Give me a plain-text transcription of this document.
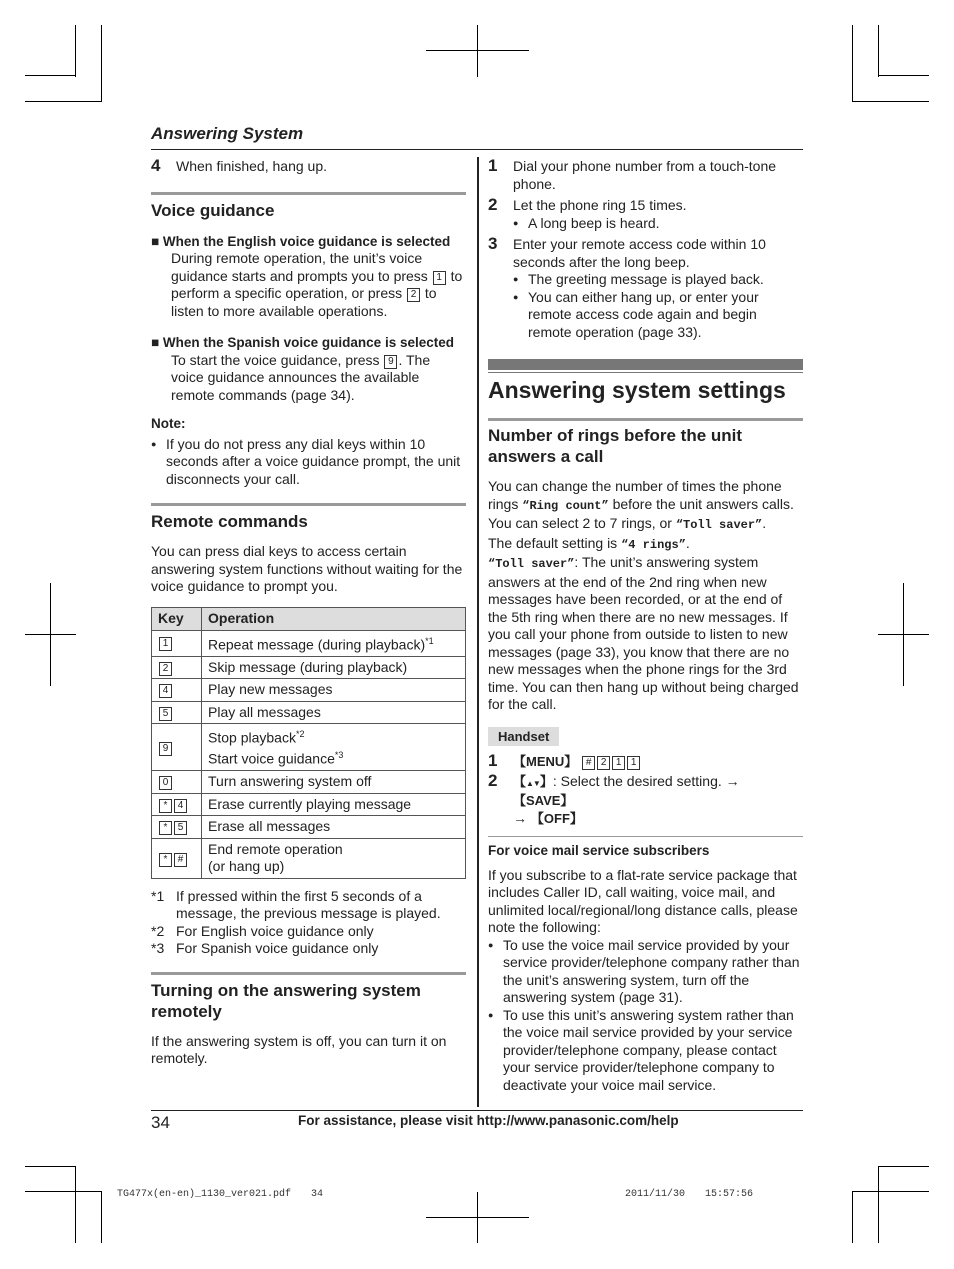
Answering System
4 When finished, hang up.
Voice guidance
■ When the English voice guidance is selected
During remote operation, the unit’s voice guidance starts and prompts you to press 1 to perform a specific operation, or press 2 to listen to more available operations.
■ When the Spanish voice guidance is selected
To start the voice guidance, press 9 . The voice guidance announces the available remote commands (page 34).
Note:
● If you do not press any dial keys within 10 seconds after a voice guidance prompt, the unit disconnects your call.
Remote commands
You can press dial keys to access certain answering system functions without waiting for the voice guidance to prompt you.
Key	Operation
1	Repeat message (during playback)$^{*1}$
2	Skip message (during playback)
4	Play new messages
5	Play all messages
9	Stop playback$^{*2}$
Start voice guidance$^{*3}$
0	Turn answering system off
* 4	Erase currently playing message
* 5	Erase all messages
* #	End remote operation
(or hang up)
*1 If pressed within the first 5 seconds of a message, the previous message is played.
*2 For English voice guidance only
*3 For Spanish voice guidance only
Turning on the answering system remotely
If the answering system is off, you can turn it on remotely.
1 Dial your phone number from a touch-tone phone.
2 Let the phone ring 15 times.
● A long beep is heard.
3 Enter your remote access code within 10 seconds after the long beep.
● The greeting message is played back.
● You can either hang up, or enter your remote access code again and begin remote operation (page 33).
Answering system settings
Number of rings before the unit answers a call
You can change the number of times the phone rings “Ring count” before the unit answers calls. You can select 2 to 7 rings, or “Toll saver”.
The default setting is “4 rings”.
“Toll saver”: The unit’s answering system answers at the end of the 2nd ring when new messages have been recorded, or at the end of the 5th ring when there are no new messages. If you call your phone from outside to listen to new messages (page 33), you know that there are no new messages when the phone rings for the 3rd time. You can then hang up without being charged for the call.
Handset
1 【MENU】 # 2 1 1
2 【▲▼】: Select the desired setting. → 【SAVE】
→ 【OFF】
For voice mail service subscribers
If you subscribe to a flat-rate service package that includes Caller ID, call waiting, voice mail, and unlimited local/regional/long distance calls, please note the following:
● To use the voice mail service provided by your service provider/telephone company rather than the unit’s answering system, turn off the answering system (page 31).
● To use this unit’s answering system rather than the voice mail service provided by your service provider/telephone company, please contact your service provider/telephone company to deactivate your voice mail service.
34	For assistance, please visit http://www.panasonic.com/help
TG477x(en-en)_1130_ver021.pdf 34	2011/11/30 15:57:56
